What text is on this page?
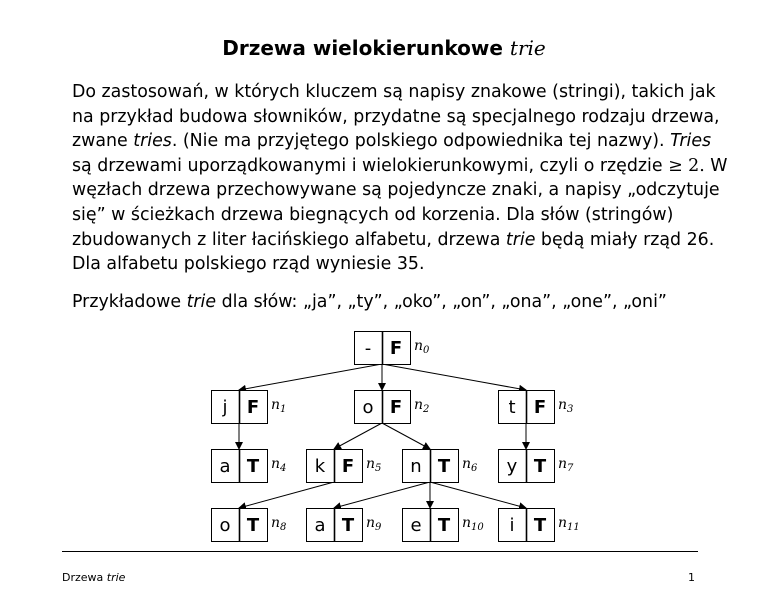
Drzewa wielokierunkowe trie
Do zastosowań, w których kluczem są napisy znakowe (stringi), takich jak
na przykład budowa słowników, przydatne są specjalnego rodzaju drzewa,
zwane tries. (Nie ma przyjętego polskiego odpowiednika tej nazwy). Tries
są drzewami uporządkowanymi i wielokierunkowymi, czyli o rzędzie ≥ 2. W
węzłach drzewa przechowywane są pojedyncze znaki, a napisy „odczytuje
się” w ścieżkach drzewa biegnących od korzenia. Dla słów (stringów)
zbudowanych z liter łacińskiego alfabetu, drzewa trie będą miały rząd 26.
Dla alfabetu polskiego rząd wyniesie 35.
Przykładowe trie dla słów: „ja”, „ty”, „oko”, „on”, „ona”, „one”, „oni”
- F $n_0$
j F $n_1$	o F $n_2$	t F $n_3$
a T $n_4$ k F $n_5$ n T $n_6$ y T $n_7$
o T $n_8$ a T $n_9$ e T $n_{10}$ i T $n_{11}$
Drzewa trie	1
